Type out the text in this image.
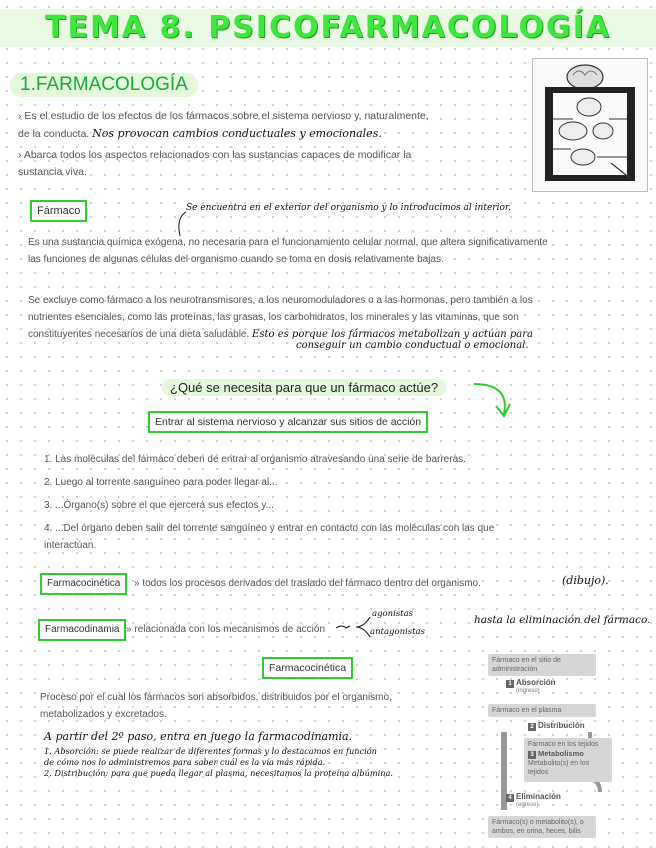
TEMA 8. PSICOFARMACOLOGÍA
1.FARMACOLOGÍA
› Es el estudio de los efectos de los fármacos sobre el sistema nervioso y, naturalmente,
de la conducta. Nos provocan cambios conductuales y emocionales.
› Abarca todos los aspectos relacionados con las sustancias capaces de modificar la
sustancia viva.
Fármaco	Se encuentra en el exterior del organismo y lo introducimos al interior.
Es una sustancia química exógena, no necesaria para el funcionamiento celular normal, que altera significativamente
las funciones de algunas células del organismo cuando se toma en dosis relativamente bajas.
Se excluye como fármaco a los neurotransmisores, a los neuromoduladores o a las hormonas, pero también a los
nutrientes esenciales, como las proteínas, las grasas, los carbohidratos, los minerales y las vitaminas, que son
constituyentes necesarios de una dieta saludable. Esto es porque los fármacos metabolizan y actúan para
conseguir un cambio conductual o emocional.
¿Qué se necesita para que un fármaco actúe?
Entrar al sistema nervioso y alcanzar sus sitios de acción
1. Las moléculas del fármaco deben de entrar al organismo atravesando una serie de barreras.
2. Luego al torrente sanguíneo para poder llegar al...
3. ...Órgano(s) sobre el que ejercerá sus efectos y...
4. ...Del órgano deben salir del torrente sanguíneo y entrar en contacto con las moléculas con las que
interactúan.
Farmacocinética	» todos los procesos derivados del traslado del fármaco dentro del organismo.	(dibujo).
Farmacodinamia » relacionada con los mecanismos de acción
agonistas
antagonistas
hasta la eliminación del fármaco.
Farmacocinética
Proceso por el cual los fármacos son absorbidos, distribuidos por el organismo,
metabolizados y excretados.
A partir del 2º paso, entra en juego la farmacodinamia.
1. Absorción: se puede realizar de diferentes formas y lo destacamos en función
de cómo nos lo administremos para saber cuál es la vía más rápida.
2. Distribución: para que pueda llegar al plasma, necesitamos la proteína albúmina.
Fármaco en el sitio de administración
1 Absorción
(ingreso)
Fármaco en el plasma
2 Distribución
Fármaco en los tejidos
3 Metabolismo
Metabolito(s) en los tejidos
4 Eliminación
(egreso)
Fármaco(s) o metabolito(s), o ambos, en orina, heces, bilis
